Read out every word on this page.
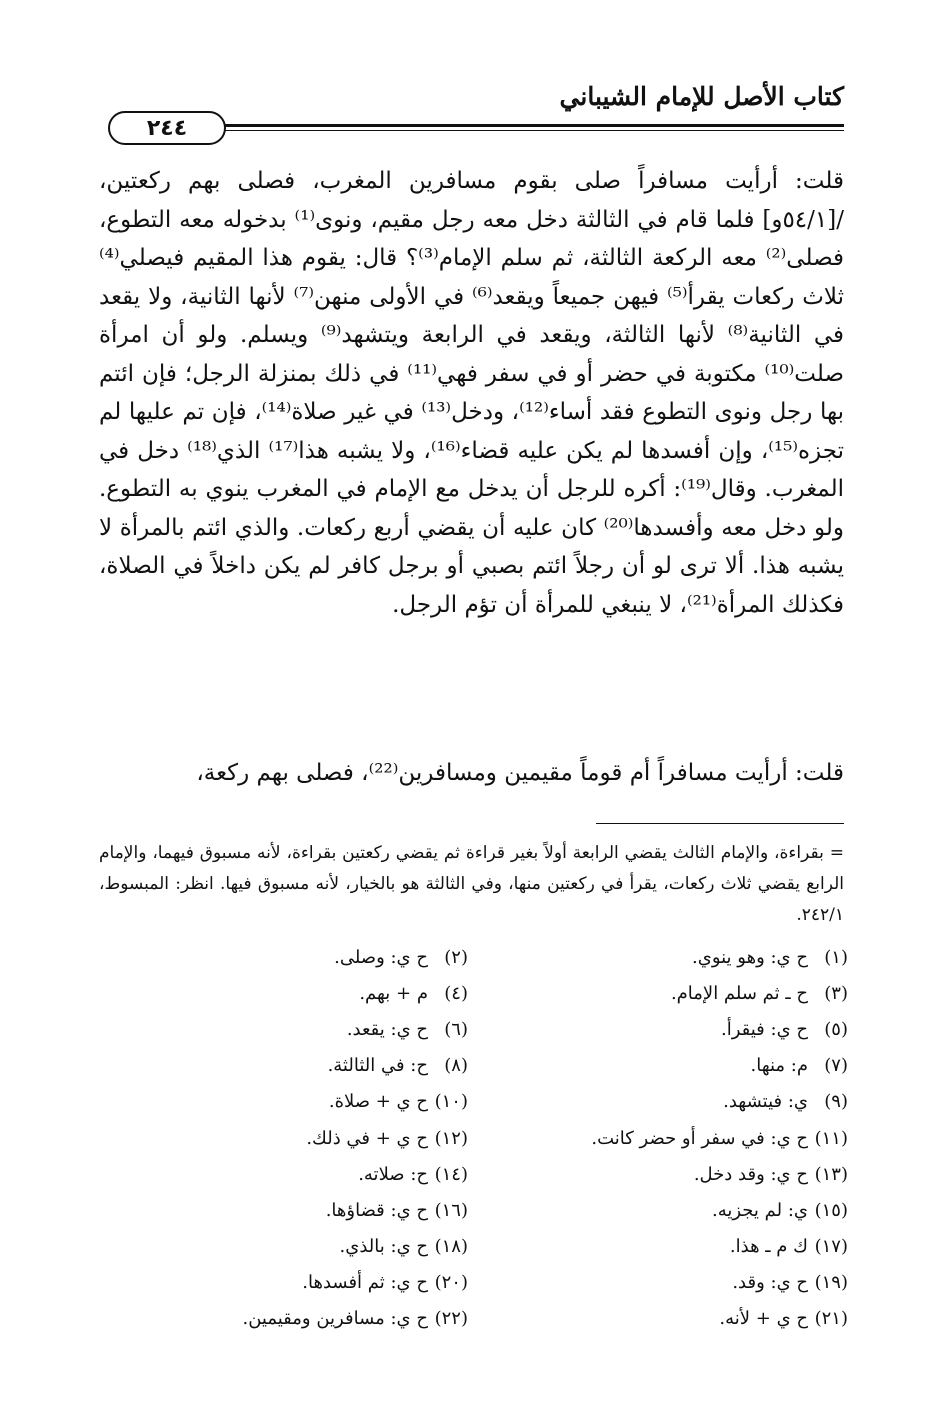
كتاب الأصل للإمام الشيباني
٢٤٤
قلت: أرأيت مسافراً صلى بقوم مسافرين المغرب، فصلى بهم ركعتين، /[٥٤/١و] فلما قام في الثالثة دخل معه رجل مقيم، ونوى⁽¹⁾ بدخوله معه التطوع، فصلى⁽²⁾ معه الركعة الثالثة، ثم سلم الإمام⁽³⁾؟ قال: يقوم هذا المقيم فيصلي⁽⁴⁾ ثلاث ركعات يقرأ⁽⁵⁾ فيهن جميعاً ويقعد⁽⁶⁾ في الأولى منهن⁽⁷⁾ لأنها الثانية، ولا يقعد في الثانية⁽⁸⁾ لأنها الثالثة، ويقعد في الرابعة ويتشهد⁽⁹⁾ ويسلم. ولو أن امرأة صلت⁽¹⁰⁾ مكتوبة في حضر أو في سفر فهي⁽¹¹⁾ في ذلك بمنزلة الرجل؛ فإن ائتم بها رجل ونوى التطوع فقد أساء⁽¹²⁾، ودخل⁽¹³⁾ في غير صلاة⁽¹⁴⁾، فإن تم عليها لم تجزه⁽¹⁵⁾، وإن أفسدها لم يكن عليه قضاء⁽¹⁶⁾، ولا يشبه هذا⁽¹⁷⁾ الذي⁽¹⁸⁾ دخل في المغرب. وقال⁽¹⁹⁾: أكره للرجل أن يدخل مع الإمام في المغرب ينوي به التطوع. ولو دخل معه وأفسدها⁽²⁰⁾ كان عليه أن يقضي أربع ركعات. والذي ائتم بالمرأة لا يشبه هذا. ألا ترى لو أن رجلاً ائتم بصبي أو برجل كافر لم يكن داخلاً في الصلاة، فكذلك المرأة⁽²¹⁾، لا ينبغي للمرأة أن تؤم الرجل.
قلت: أرأيت مسافراً أم قوماً مقيمين ومسافرين⁽²²⁾، فصلى بهم ركعة،
= بقراءة، والإمام الثالث يقضي الرابعة أولاً بغير قراءة ثم يقضي ركعتين بقراءة، لأنه مسبوق فيهما، والإمام الرابع يقضي ثلاث ركعات، يقرأ في ركعتين منها، وفي الثالثة هو بالخيار، لأنه مسبوق فيها. انظر: المبسوط، ٢٤٢/١.
(١)
ح ي: وهو ينوي.
(٢)
ح ي: وصلى.
(٣)
ح ـ ثم سلم الإمام.
(٤)
م + بهم.
(٥)
ح ي: فيقرأ.
(٦)
ح ي: يقعد.
(٧)
م: منها.
(٨)
ح: في الثالثة.
(٩)
ي: فيتشهد.
(١٠)
ح ي + صلاة.
(١١)
ح ي: في سفر أو حضر كانت.
(١٢)
ح ي + في ذلك.
(١٣)
ح ي: وقد دخل.
(١٤)
ح: صلاته.
(١٥)
ي: لم يجزيه.
(١٦)
ح ي: قضاؤها.
(١٧)
ك م ـ هذا.
(١٨)
ح ي: بالذي.
(١٩)
ح ي: وقد.
(٢٠)
ح ي: ثم أفسدها.
(٢١)
ح ي + لأنه.
(٢٢)
ح ي: مسافرين ومقيمين.
